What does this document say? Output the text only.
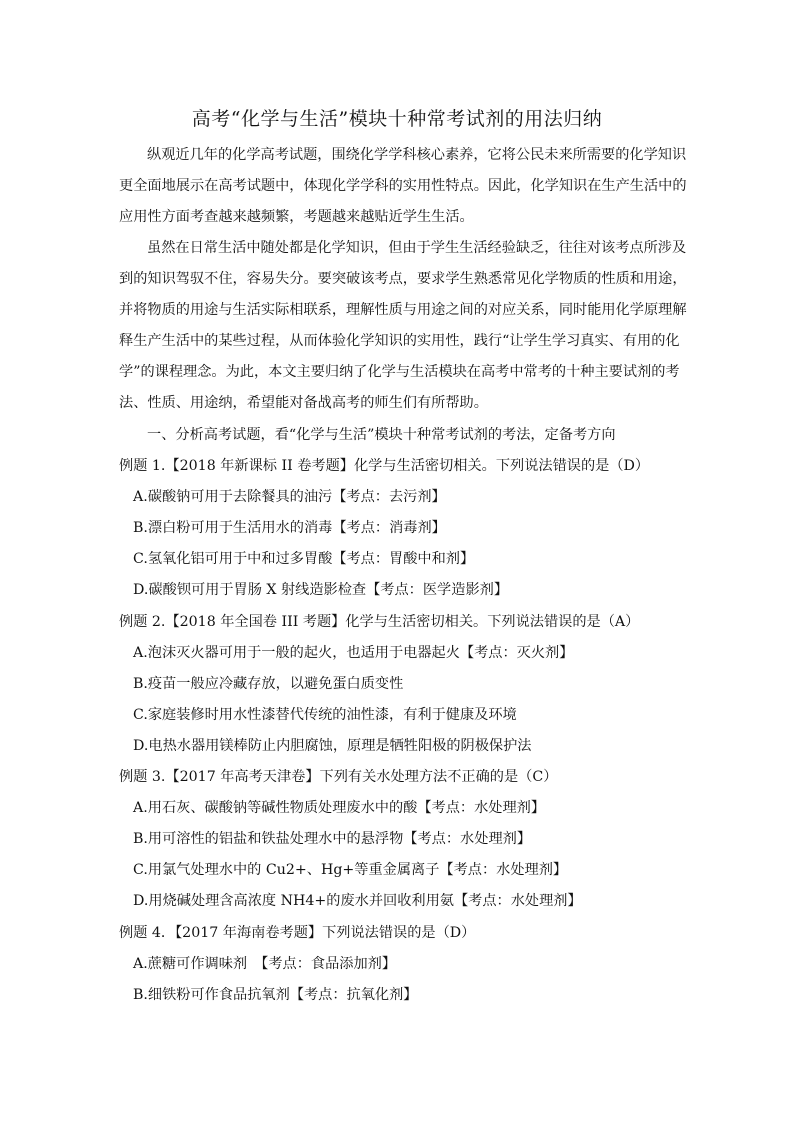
高考“化学与生活”模块十种常考试剂的用法归纳
纵观近几年的化学高考试题，围绕化学学科核心素养，它将公民未来所需要的化学知识
更全面地展示在高考试题中，体现化学学科的实用性特点。因此，化学知识在生产生活中的
应用性方面考查越来越频繁，考题越来越贴近学生生活。
虽然在日常生活中随处都是化学知识，但由于学生生活经验缺乏，往往对该考点所涉及
到的知识驾驭不住，容易失分。要突破该考点，要求学生熟悉常见化学物质的性质和用途，
并将物质的用途与生活实际相联系，理解性质与用途之间的对应关系，同时能用化学原理解
释生产生活中的某些过程，从而体验化学知识的实用性，践行“让学生学习真实、有用的化
学”的课程理念。为此，本文主要归纳了化学与生活模块在高考中常考的十种主要试剂的考
法、性质、用途纳，希望能对备战高考的师生们有所帮助。
一、分析高考试题，看“化学与生活”模块十种常考试剂的考法，定备考方向
例题 1.【2018 年新课标 II 卷考题】化学与生活密切相关。下列说法错误的是（D）
A.碳酸钠可用于去除餐具的油污【考点：去污剂】
B.漂白粉可用于生活用水的消毒【考点：消毒剂】
C.氢氧化铝可用于中和过多胃酸【考点：胃酸中和剂】
D.碳酸钡可用于胃肠 X 射线造影检查【考点：医学造影剂】
例题 2.【2018 年全国卷 III 考题】化学与生活密切相关。下列说法错误的是（A）
A.泡沫灭火器可用于一般的起火，也适用于电器起火【考点：灭火剂】
B.疫苗一般应冷藏存放，以避免蛋白质变性
C.家庭装修时用水性漆替代传统的油性漆，有利于健康及环境
D.电热水器用镁棒防止内胆腐蚀，原理是牺牲阳极的阴极保护法
例题 3.【2017 年高考天津卷】下列有关水处理方法不正确的是（C）
A.用石灰、碳酸钠等碱性物质处理废水中的酸【考点：水处理剂】
B.用可溶性的铝盐和铁盐处理水中的悬浮物【考点：水处理剂】
C.用氯气处理水中的 Cu2+、Hg+等重金属离子【考点：水处理剂】
D.用烧碱处理含高浓度 NH4+的废水并回收利用氨【考点：水处理剂】
例题 4．【2017 年海南卷考题】下列说法错误的是（D）
A.蔗糖可作调味剂　【考点：食品添加剂】
B.细铁粉可作食品抗氧剂【考点：抗氧化剂】
